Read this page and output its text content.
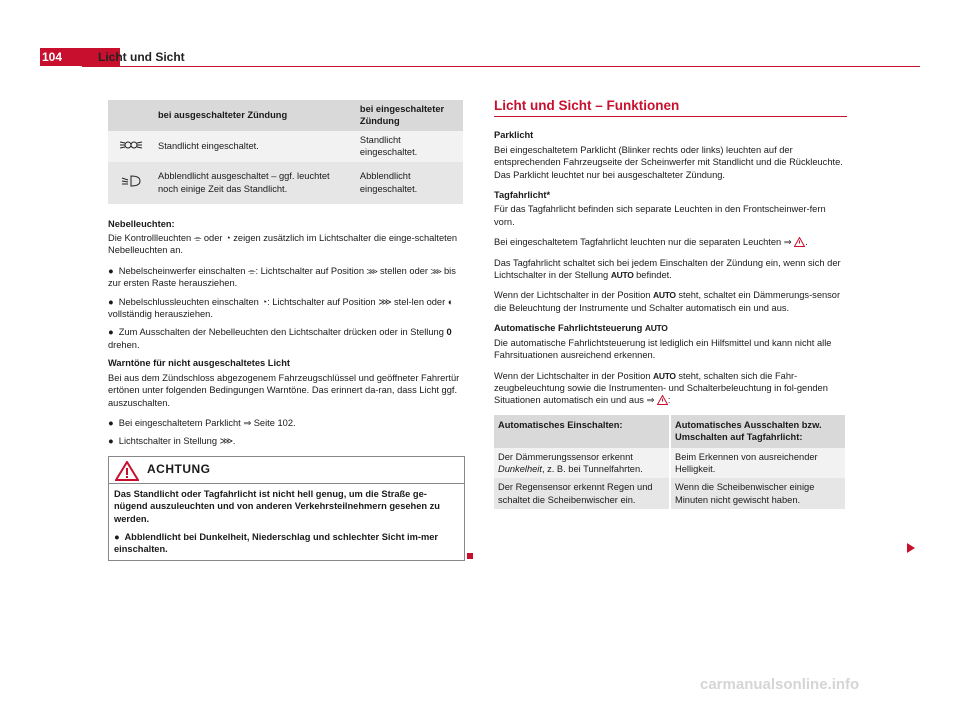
104	Licht und Sicht
	bei ausgeschalteter Zündung	bei eingeschalteter Zündung
	Standlicht eingeschaltet.	Standlicht eingeschaltet.
	Abblendlicht ausgeschaltet – ggf. leuchtet noch einige Zeit das Standlicht.	Abblendlicht eingeschaltet.
Nebelleuchten:

Die Kontrollleuchten ⌯ oder ◔ zeigen zusätzlich im Lichtschalter die einge-schalteten Nebelleuchten an.

●  Nebelscheinwerfer einschalten ⌯: Lichtschalter auf Position ⋙ stellen oder ⋙ bis zur ersten Raste herausziehen.

●  Nebelschlussleuchten einschalten ◔: Lichtschalter auf Position ⋙ stel-len oder ◐ vollständig herausziehen.

●  Zum Ausschalten der Nebelleuchten den Lichtschalter drücken oder in Stellung 0 drehen.

Warntöne für nicht ausgeschaltetes Licht

Bei aus dem Zündschloss abgezogenem Fahrzeugschlüssel und geöffneter Fahrertür ertönen unter folgenden Bedingungen Warntöne. Das erinnert da-ran, dass Licht ggf. auszuschalten.

●  Bei eingeschaltetem Parklicht ⇒ Seite 102.

●  Lichtschalter in Stellung ⋙.

ACHTUNG

Das Standlicht oder Tagfahrlicht ist nicht hell genug, um die Straße ge-nügend auszuleuchten und von anderen Verkehrsteilnehmern gesehen zu werden.

●  Abblendlicht bei Dunkelheit, Niederschlag und schlechter Sicht im-mer einschalten.

Licht und Sicht – Funktionen
Parklicht

Bei eingeschaltetem Parklicht (Blinker rechts oder links) leuchten auf der entsprechenden Fahrzeugseite der Scheinwerfer mit Standlicht und die Rückleuchte. Das Parklicht leuchtet nur bei ausgeschalteter Zündung.

Tagfahrlicht*

Für das Tagfahrlicht befinden sich separate Leuchten in den Frontscheinwer-fern vorn.

Bei eingeschaltetem Tagfahrlicht leuchten nur die separaten Leuchten ⇒ .

Das Tagfahrlicht schaltet sich bei jedem Einschalten der Zündung ein, wenn sich der Lichtschalter in der Stellung AUTO befindet.

Wenn der Lichtschalter in der Position AUTO steht, schaltet ein Dämmerungs-sensor die Beleuchtung der Instrumente und Schalter automatisch ein und aus.

Automatische Fahrlichtsteuerung AUTO

Die automatische Fahrlichtsteuerung ist lediglich ein Hilfsmittel und kann nicht alle Fahrsituationen ausreichend erkennen.

Wenn der Lichtschalter in der Position AUTO steht, schalten sich die Fahr-zeugbeleuchtung sowie die Instrumenten- und Schalterbeleuchtung in fol-genden Situationen automatisch ein und aus ⇒ :

Automatisches Einschalten:	Automatisches Ausschalten bzw. Umschalten auf Tagfahrlicht:
Der Dämmerungssensor erkennt Dunkelheit, z. B. bei Tunnelfahrten.	Beim Erkennen von ausreichender Helligkeit.
Der Regensensor erkennt Regen und schaltet die Scheibenwischer ein.	Wenn die Scheibenwischer einige Minuten nicht gewischt haben.
carmanualsonline.info
